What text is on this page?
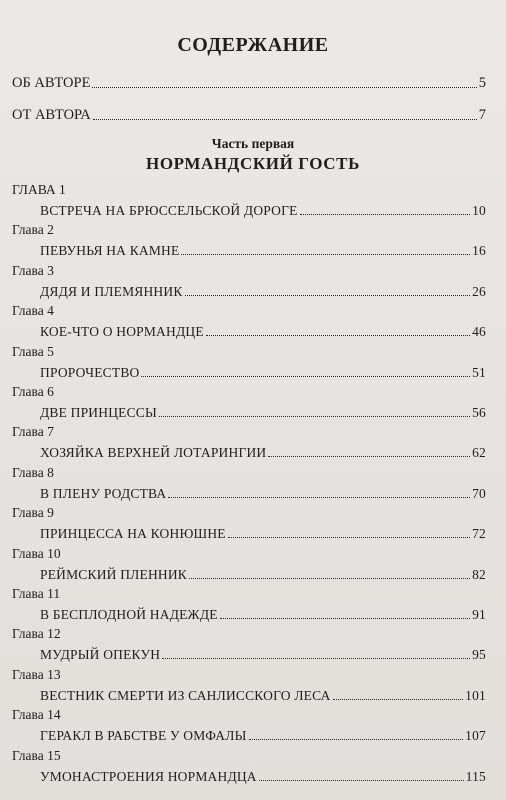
СОДЕРЖАНИЕ
ОБ АВТОРЕ	5
ОТ АВТОРА	7
Часть первая
НОРМАНДСКИЙ ГОСТЬ
ГЛАВА 1
ВСТРЕЧА НА БРЮССЕЛЬСКОЙ ДОРОГЕ	10
Глава 2
ПЕВУНЬЯ НА КАМНЕ	16
Глава 3
ДЯДЯ И ПЛЕМЯННИК	26
Глава 4
КОЕ-ЧТО О НОРМАНДЦЕ	46
Глава 5
ПРОРОЧЕСТВО	51
Глава 6
ДВЕ ПРИНЦЕССЫ	56
Глава 7
ХОЗЯЙКА ВЕРХНЕЙ ЛОТАРИНГИИ	62
Глава 8
В ПЛЕНУ РОДСТВА	70
Глава 9
ПРИНЦЕССА НА КОНЮШНЕ	72
Глава 10
РЕЙМСКИЙ ПЛЕННИК	82
Глава 11
В БЕСПЛОДНОЙ НАДЕЖДЕ	91
Глава 12
МУДРЫЙ ОПЕКУН	95
Глава 13
ВЕСТНИК СМЕРТИ ИЗ САНЛИССКОГО ЛЕСА	101
Глава 14
ГЕРАКЛ В РАБСТВЕ У ОМФАЛЫ	107
Глава 15
УМОНАСТРОЕНИЯ НОРМАНДЦА	115
